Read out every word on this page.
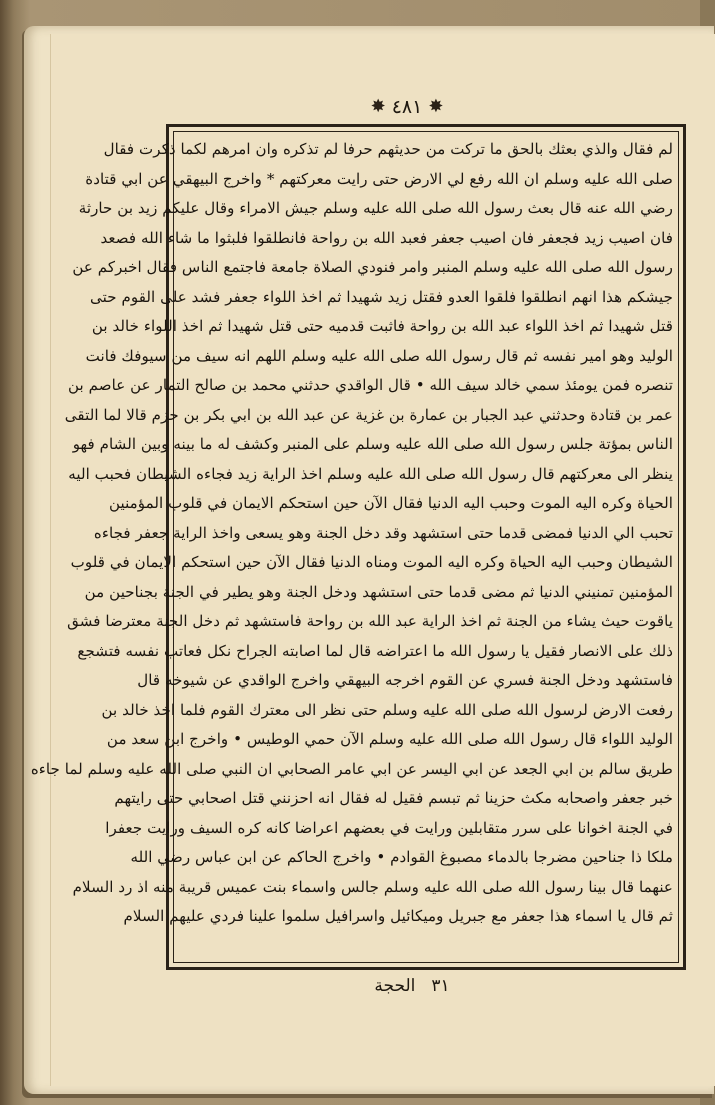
✸ ٤٨١ ✸
لم فقال والذي بعثك بالحق ما تركت من حديثهم حرفا لم تذكره وان امرهم لكما ذكرت فقال
صلى الله عليه وسلم ان الله رفع لي الارض حتى رايت معركتهم * واخرج البيهقي عن ابي قتادة
رضي الله عنه قال بعث رسول الله صلى الله عليه وسلم جيش الامراء وقال عليكم زيد بن حارثة
فان اصيب زيد فجعفر فان اصيب جعفر فعبد الله بن رواحة فانطلقوا فلبثوا ما شاء الله فصعد
رسول الله صلى الله عليه وسلم المنبر وامر فنودي الصلاة جامعة فاجتمع الناس فقال اخبركم عن
جيشكم هذا انهم انطلقوا فلقوا العدو فقتل زيد شهيدا ثم اخذ اللواء جعفر فشد على القوم حتى
قتل شهيدا ثم اخذ اللواء عبد الله بن رواحة فاثبت قدميه حتى قتل شهيدا ثم اخذ اللواء خالد بن
الوليد وهو امير نفسه ثم قال رسول الله صلى الله عليه وسلم اللهم انه سيف من سيوفك فانت
تنصره فمن يومئذ سمي خالد سيف الله • قال الواقدي حدثني محمد بن صالح التمار عن عاصم بن
عمر بن قتادة وحدثني عبد الجبار بن عمارة بن غزية عن عبد الله بن ابي بكر بن حزم قالا لما التقى
الناس بمؤتة جلس رسول الله صلى الله عليه وسلم على المنبر وكشف له ما بينه وبين الشام فهو
ينظر الى معركتهم قال رسول الله صلى الله عليه وسلم اخذ الراية زيد فجاءه الشيطان فحبب اليه
الحياة وكره اليه الموت وحبب اليه الدنيا فقال الآن حين استحكم الايمان في قلوب المؤمنين
تحبب الي الدنيا فمضى قدما حتى استشهد وقد دخل الجنة وهو يسعى واخذ الراية جعفر فجاءه
الشيطان وحبب اليه الحياة وكره اليه الموت ومناه الدنيا فقال الآن حين استحكم الايمان في قلوب
المؤمنين تمنيني الدنيا ثم مضى قدما حتى استشهد ودخل الجنة وهو يطير في الجنة بجناحين من
ياقوت حيث يشاء من الجنة ثم اخذ الراية عبد الله بن رواحة فاستشهد ثم دخل الجنة معترضا فشق
ذلك على الانصار فقيل يا رسول الله ما اعتراضه قال لما اصابته الجراح نكل فعاتب نفسه فتشجع
فاستشهد ودخل الجنة فسري عن القوم اخرجه البيهقي واخرج الواقدي عن شيوخه قال
رفعت الارض لرسول الله صلى الله عليه وسلم حتى نظر الى معترك القوم فلما اخذ خالد بن
الوليد اللواء قال رسول الله صلى الله عليه وسلم الآن حمي الوطيس • واخرج ابن سعد من
طريق سالم بن ابي الجعد عن ابي اليسر عن ابي عامر الصحابي ان النبي صلى الله عليه وسلم لما جاءه
خبر جعفر واصحابه مكث حزينا ثم تبسم فقيل له فقال انه احزنني قتل اصحابي حتى رايتهم
في الجنة اخوانا على سرر متقابلين ورايت في بعضهم اعراضا كانه كره السيف ورايت جعفرا
ملكا ذا جناحين مضرجا بالدماء مصبوغ القوادم • واخرج الحاكم عن ابن عباس رضي الله
عنهما قال بينا رسول الله صلى الله عليه وسلم جالس واسماء بنت عميس قريبة منه اذ رد السلام
ثم قال يا اسماء هذا جعفر مع جبريل وميكائيل واسرافيل سلموا علينا فردي عليهم السلام
٣١
الحجة
